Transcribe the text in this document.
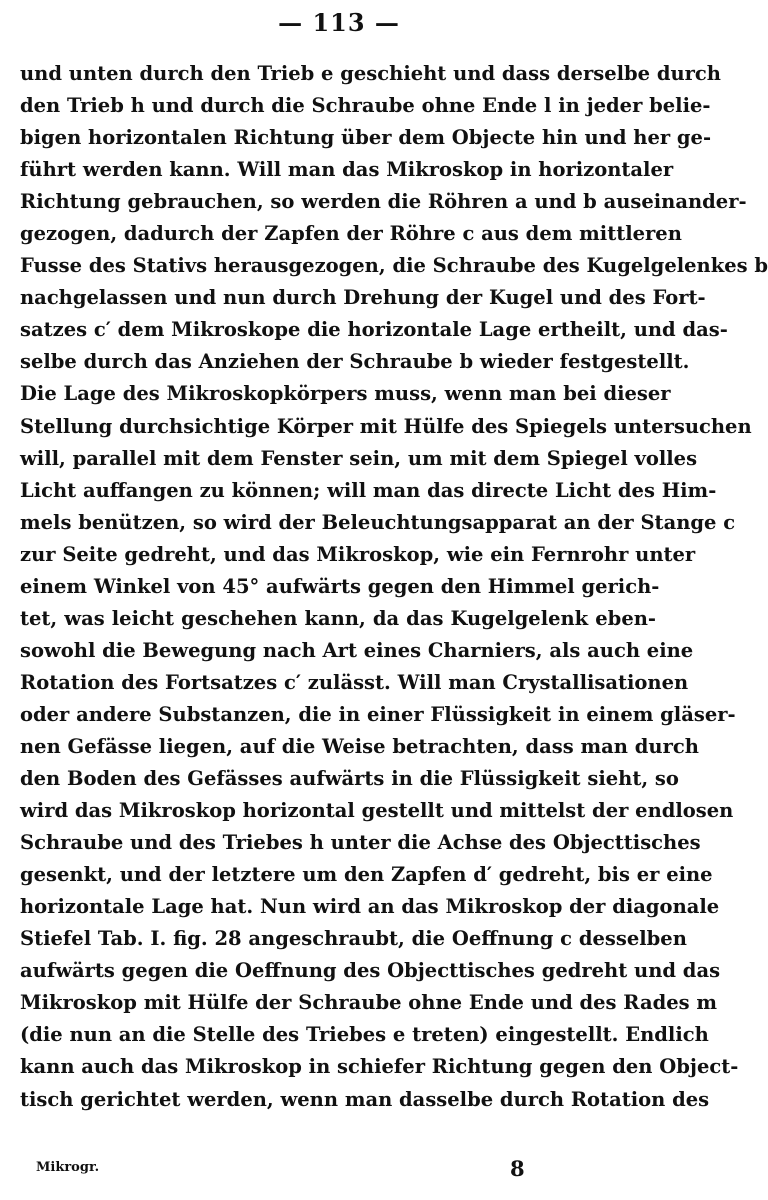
— 113 —
und unten durch den Trieb e geschieht und dass derselbe durch
den Trieb h und durch die Schraube ohne Ende l in jeder belie-
bigen horizontalen Richtung über dem Objecte hin und her ge-
führt werden kann. Will man das Mikroskop in horizontaler
Richtung gebrauchen, so werden die Röhren a und b auseinander-
gezogen, dadurch der Zapfen der Röhre c aus dem mittleren
Fusse des Stativs herausgezogen, die Schraube des Kugelgelenkes b
nachgelassen und nun durch Drehung der Kugel und des Fort-
satzes c′ dem Mikroskope die horizontale Lage ertheilt, und das-
selbe durch das Anziehen der Schraube b wieder festgestellt.
Die Lage des Mikroskopkörpers muss, wenn man bei dieser
Stellung durchsichtige Körper mit Hülfe des Spiegels untersuchen
will, parallel mit dem Fenster sein, um mit dem Spiegel volles
Licht auffangen zu können; will man das directe Licht des Him-
mels benützen, so wird der Beleuchtungsapparat an der Stange c
zur Seite gedreht, und das Mikroskop, wie ein Fernrohr unter
einem Winkel von 45° aufwärts gegen den Himmel gerich-
tet, was leicht geschehen kann, da das Kugelgelenk eben-
sowohl die Bewegung nach Art eines Charniers, als auch eine
Rotation des Fortsatzes c′ zulässt. Will man Crystallisationen
oder andere Substanzen, die in einer Flüssigkeit in einem gläser-
nen Gefässe liegen, auf die Weise betrachten, dass man durch
den Boden des Gefässes aufwärts in die Flüssigkeit sieht, so
wird das Mikroskop horizontal gestellt und mittelst der endlosen
Schraube und des Triebes h unter die Achse des Objecttisches
gesenkt, und der letztere um den Zapfen d′ gedreht, bis er eine
horizontale Lage hat. Nun wird an das Mikroskop der diagonale
Stiefel Tab. I. fig. 28 angeschraubt, die Oeffnung c desselben
aufwärts gegen die Oeffnung des Objecttisches gedreht und das
Mikroskop mit Hülfe der Schraube ohne Ende und des Rades m
(die nun an die Stelle des Triebes e treten) eingestellt. Endlich
kann auch das Mikroskop in schiefer Richtung gegen den Object-
tisch gerichtet werden, wenn man dasselbe durch Rotation des
Mikrogr.	8
